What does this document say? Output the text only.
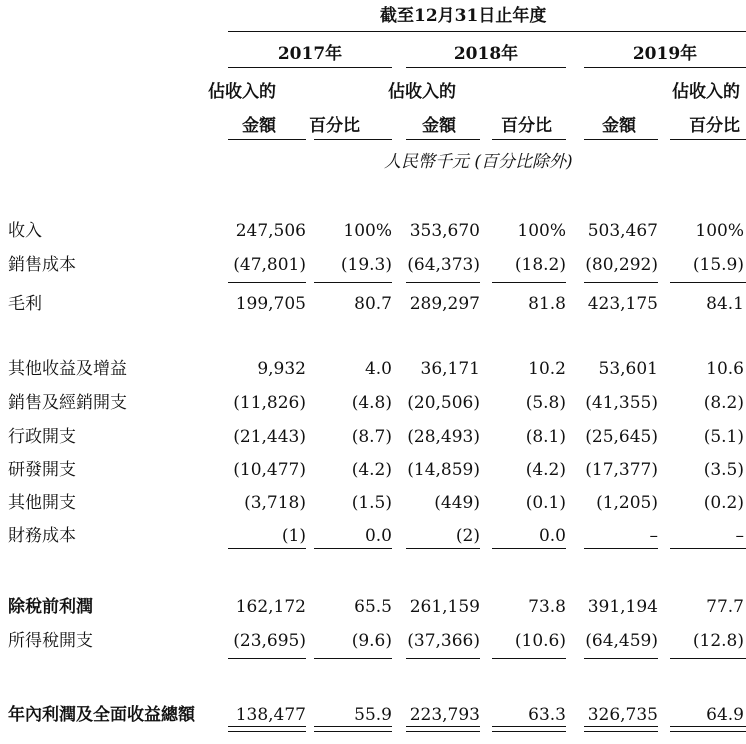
截至12月31日止年度
2017年	2018年	2019年
佔收入的	佔收入的	佔收入的
金額 百分比	金額	百分比	金額	百分比
人民幣千元 (百分比除外)
收入	247,506 100% 353,670 100% 503,467 100%
銷售成本	(47,801) (19.3) (64,373) (18.2) (80,292) (15.9)
毛利	199,705	80.7 289,297	81.8 423,175	84.1
其他收益及增益	9,932	4.0 36,171	10.2 53,601	10.6
銷售及經銷開支	(11,826)	(4.8) (20,506)	(5.8) (41,355)	(8.2)
行政開支	(21,443)	(8.7) (28,493)	(8.1) (25,645)	(5.1)
研發開支	(10,477)	(4.2) (14,859)	(4.2) (17,377)	(3.5)
其他開支	(3,718)	(1.5) (449)	(0.1) (1,205)	(0.2)
財務成本	(1)	0.0	(2)	0.0	–	–
除稅前利潤	162,172	65.5 261,159	73.8 391,194	77.7
所得稅開支	(23,695)	(9.6) (37,366) (10.6) (64,459) (12.8)
年內利潤及全面收益總額 138,477	55.9 223,793	63.3 326,735	64.9
